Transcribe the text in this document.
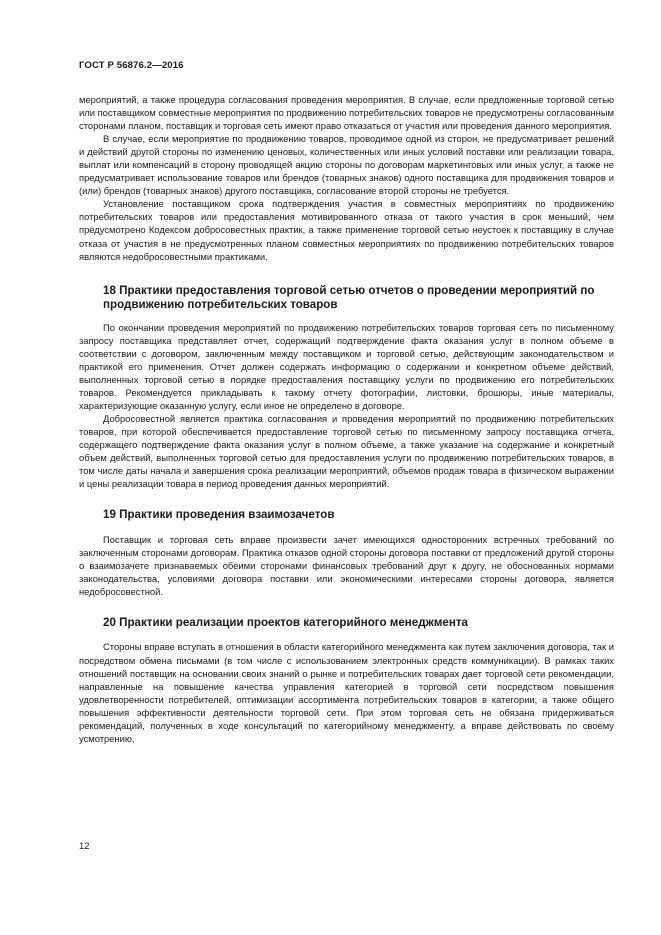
ГОСТ Р 56876.2—2016

мероприятий, а также процедура согласования проведения мероприятия. В случае, если предложенные торговой сетью или поставщиком совместные мероприятия по продвижению потребительских товаров не предусмотрены согласованным сторонами планом, поставщик и торговая сеть имеют право отказаться от участия или проведения данного мероприятия.

В случае, если мероприятие по продвижению товаров, проводимое одной из сторон, не предусматривает решений и действий другой стороны по изменению ценовых, количественных или иных условий поставки или реализации товара, выплат или компенсаций в сторону проводящей акцию стороны по договорам маркетинговых или иных услуг, а также не предусматривает использование товаров или брендов (товарных знаков) одного поставщика для продвижения товаров и (или) брендов (товарных знаков) другого поставщика, согласование второй стороны не требуется.

Установление поставщиком срока подтверждения участия в совместных мероприятиях по продвижению потребительских товаров или предоставления мотивированного отказа от такого участия в срок меньший, чем предусмотрено Кодексом добросовестных практик, а также применение торговой сетью неустоек к поставщику в случае отказа от участия в не предусмотренных планом совместных мероприятиях по продвижению потребительских товаров являются недобросовестными практиками.

18 Практики предоставления торговой сетью отчетов о проведении мероприятий по продвижению потребительских товаров

По окончании проведения мероприятий по продвижению потребительских товаров торговая сеть по письменному запросу поставщика представляет отчет, содержащий подтверждение факта оказания услуг в полном объеме в соответствии с договором, заключенным между поставщиком и торговой сетью, действующим законодательством и практикой его применения. Отчет должен содержать информацию о содержании и конкретном объеме действий, выполненных торговой сетью в порядке предоставления поставщику услуги по продвижению его потребительских товаров. Рекомендуется прикладывать к такому отчету фотографии, листовки, брошюры, иные материалы, характеризующие оказанную услугу, если иное не определено в договоре.

Добросовестной является практика согласования и проведения мероприятий по продвижению потребительских товаров, при которой обеспечивается предоставление торговой сетью по письменному запросу поставщика отчета, содержащего подтверждение факта оказания услуг в полном объеме, а также указание на содержание и конкретный объем действий, выполненных торговой сетью для предоставления услуги по продвижению потребительских товаров, в том числе даты начала и завершения срока реализации мероприятий, объемов продаж товара в физическом выражении и цены реализации товара в период проведения данных мероприятий.

19 Практики проведения взаимозачетов

Поставщик и торговая сеть вправе произвести зачет имеющихся односторонних встречных требований по заключенным сторонами договорам. Практика отказов одной стороны договора поставки от предложений другой стороны о взаимозачете признаваемых обеими сторонами финансовых требований друг к другу, не обоснованных нормами законодательства, условиями договора поставки или экономическими интересами стороны договора, является недобросовестной.

20 Практики реализации проектов категорийного менеджмента

Стороны вправе вступать в отношения в области категорийного менеджмента как путем заключения договора, так и посредством обмена письмами (в том числе с использованием электронных средств коммуникации). В рамках таких отношений поставщик на основании своих знаний о рынке и потребительских товарах дает торговой сети рекомендации, направленные на повышение качества управления категорией в торговой сети посредством повышения удовлетворенности потребителей, оптимизации ассортимента потребительских товаров в категории, а также общего повышения эффективности деятельности торговой сети. При этом торговая сеть не обязана придерживаться рекомендаций, полученных в ходе консультаций по категорийному менеджменту, а вправе действовать по своему усмотрению,

12
